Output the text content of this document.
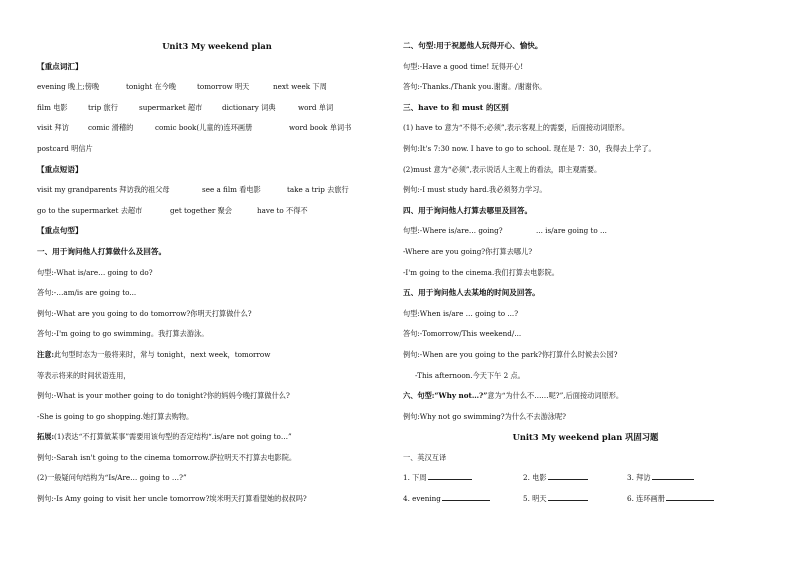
Unit3 My weekend plan
【重点词汇】
evening 晚上;傍晚	tonight 在今晚	tomorrow 明天	next week 下周
film 电影	trip 旅行	supermarket 超市	dictionary 词典	word 单词
visit 拜访	comic 滑稽的	comic book(儿童的)连环画册	word book 单词书
postcard 明信片
【重点短语】
visit my grandparents 拜访我的祖父母	see a film 看电影	take a trip 去旅行
go to the supermarket 去超市	get together 聚会	have to 不得不
【重点句型】
一、用于询问他人打算做什么及回答。
句型:-What is/are… going to do?
答句:-…am/is are going to...
例句:-What are you going to do tomorrow?你明天打算做什么?
答句:-I'm going to go swimming。我打算去游泳。
注意:此句型时态为一般将来时，常与 tonight，next week，tomorrow
等表示将来的时间状语连用，
例句:-What is your mother going to do tonight?你的妈妈今晚打算做什么?
-She is going to go shopping.她打算去购物。
拓展:(1)表达“不打算做某事”需要用该句型的否定结构“.is/are not going to…”
例句:-Sarah isn't going to the cinema tomorrow.萨拉明天不打算去电影院。
(2)一般疑问句结构为“Is/Are… going to …?”
例句:-Is Amy going to visit her uncle tomorrow?埃米明天打算看望她的叔叔吗?
二、句型:用于祝愿他人玩得开心、愉快。
句型:-Have a good time! 玩得开心!
答句:-Thanks./Thank you.谢谢。/谢谢你。
三、have to 和 must 的区别
(1) have to 意为“不得不;必须”,表示客观上的需要，后面接动词原形。
例句:It's 7:30 now. I have to go to school. 现在是 7：30，我得去上学了。
(2)must 意为“必须”,表示说话人主观上的看法，即主观需要。
例句:-I must study hard.我必须努力学习。
四、用于询问他人打算去哪里及回答。
句型:-Where is/are… going?	... is/are going to ...
-Where are you going?你打算去哪儿?
-I'm going to the cinema.我们打算去电影院。
五、用于询问他人去某地的时间及回答。
句型:When is/are … going to ...?
答句:-Tomorrow/This weekend/...
例句:-When are you going to the park?你打算什么时候去公园?
-This afternoon.今天下午 2 点。
六、句型:“Why not…?”意为“为什么不……呢?”,后面接动词原形。
例句:Why not go swimming?为什么不去游泳呢?
Unit3 My weekend plan 巩固习题
一、英汉互译
1. 下周	2. 电影	3. 拜访
4. evening	5. 明天	6. 连环画册
